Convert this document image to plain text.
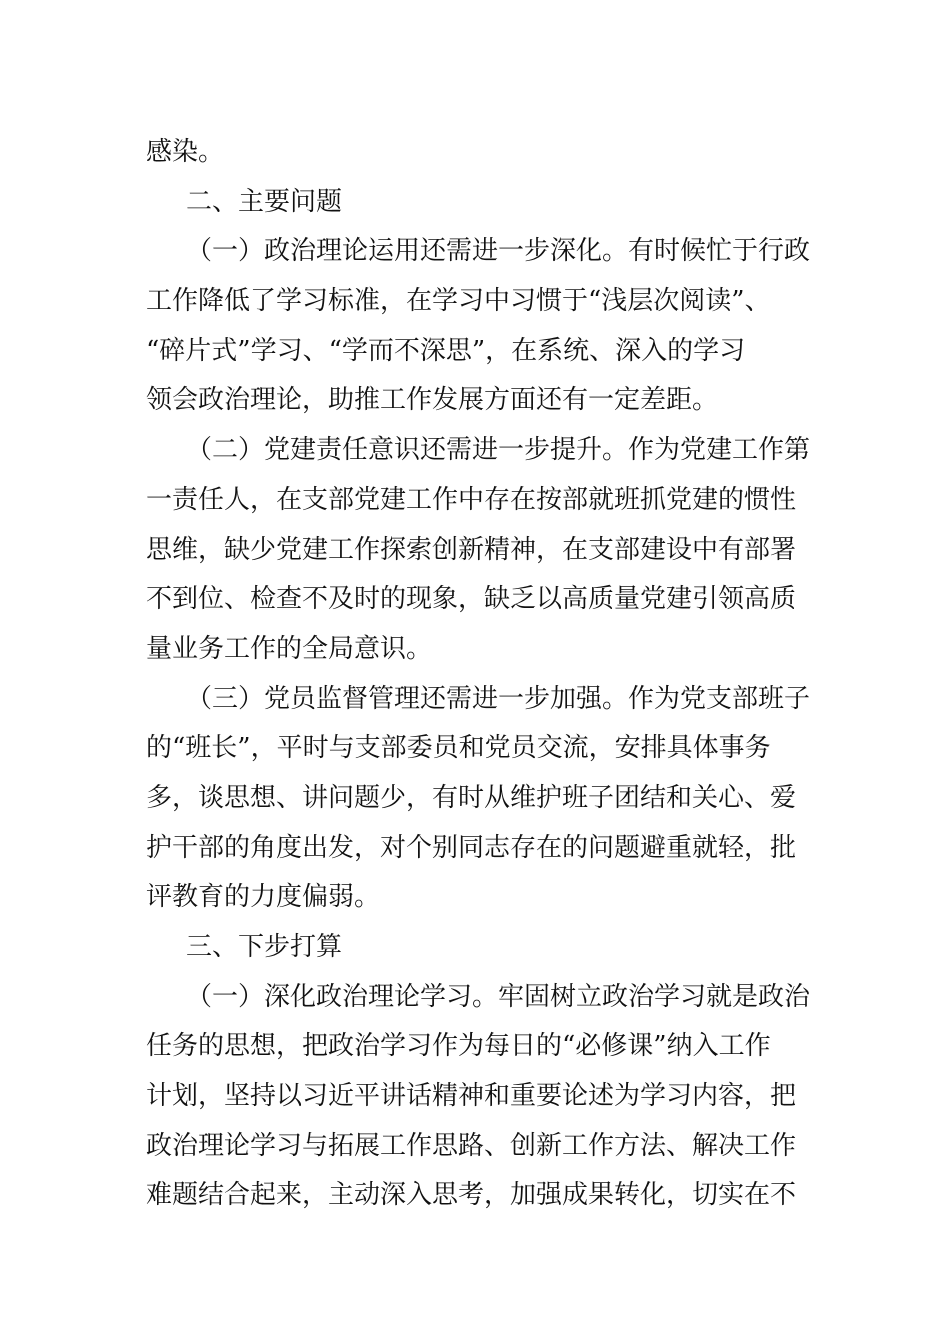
感染。
二、主要问题
（一）政治理论运用还需进一步深化。有时候忙于行政
工作降低了学习标准，在学习中习惯于“浅层次阅读”、
“碎片式”学习、“学而不深思”，在系统、深入的学习
领会政治理论，助推工作发展方面还有一定差距。
（二）党建责任意识还需进一步提升。作为党建工作第
一责任人，在支部党建工作中存在按部就班抓党建的惯性
思维，缺少党建工作探索创新精神，在支部建设中有部署
不到位、检查不及时的现象，缺乏以高质量党建引领高质
量业务工作的全局意识。
（三）党员监督管理还需进一步加强。作为党支部班子
的“班长”，平时与支部委员和党员交流，安排具体事务
多，谈思想、讲问题少，有时从维护班子团结和关心、爱
护干部的角度出发，对个别同志存在的问题避重就轻，批
评教育的力度偏弱。
三、下步打算
（一）深化政治理论学习。牢固树立政治学习就是政治
任务的思想，把政治学习作为每日的“必修课”纳入工作
计划，坚持以习近平讲话精神和重要论述为学习内容，把
政治理论学习与拓展工作思路、创新工作方法、解决工作
难题结合起来，主动深入思考，加强成果转化，切实在不
